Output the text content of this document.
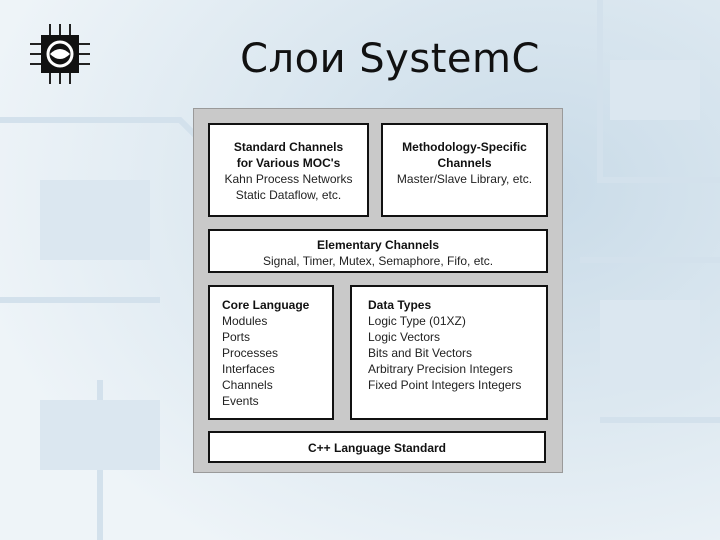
Слои SystemC
Standard Channels
for Various MOC's
Kahn Process Networks
Static Dataflow, etc.
Methodology-Specific
Channels
Master/Slave Library, etc.
Elementary Channels
Signal, Timer, Mutex, Semaphore, Fifo, etc.
Core Language
Modules
Ports
Processes
Interfaces
Channels
Events
Data Types
Logic Type (01XZ)
Logic Vectors
Bits and Bit Vectors
Arbitrary Precision Integers
Fixed Point Integers Integers
C++ Language Standard
